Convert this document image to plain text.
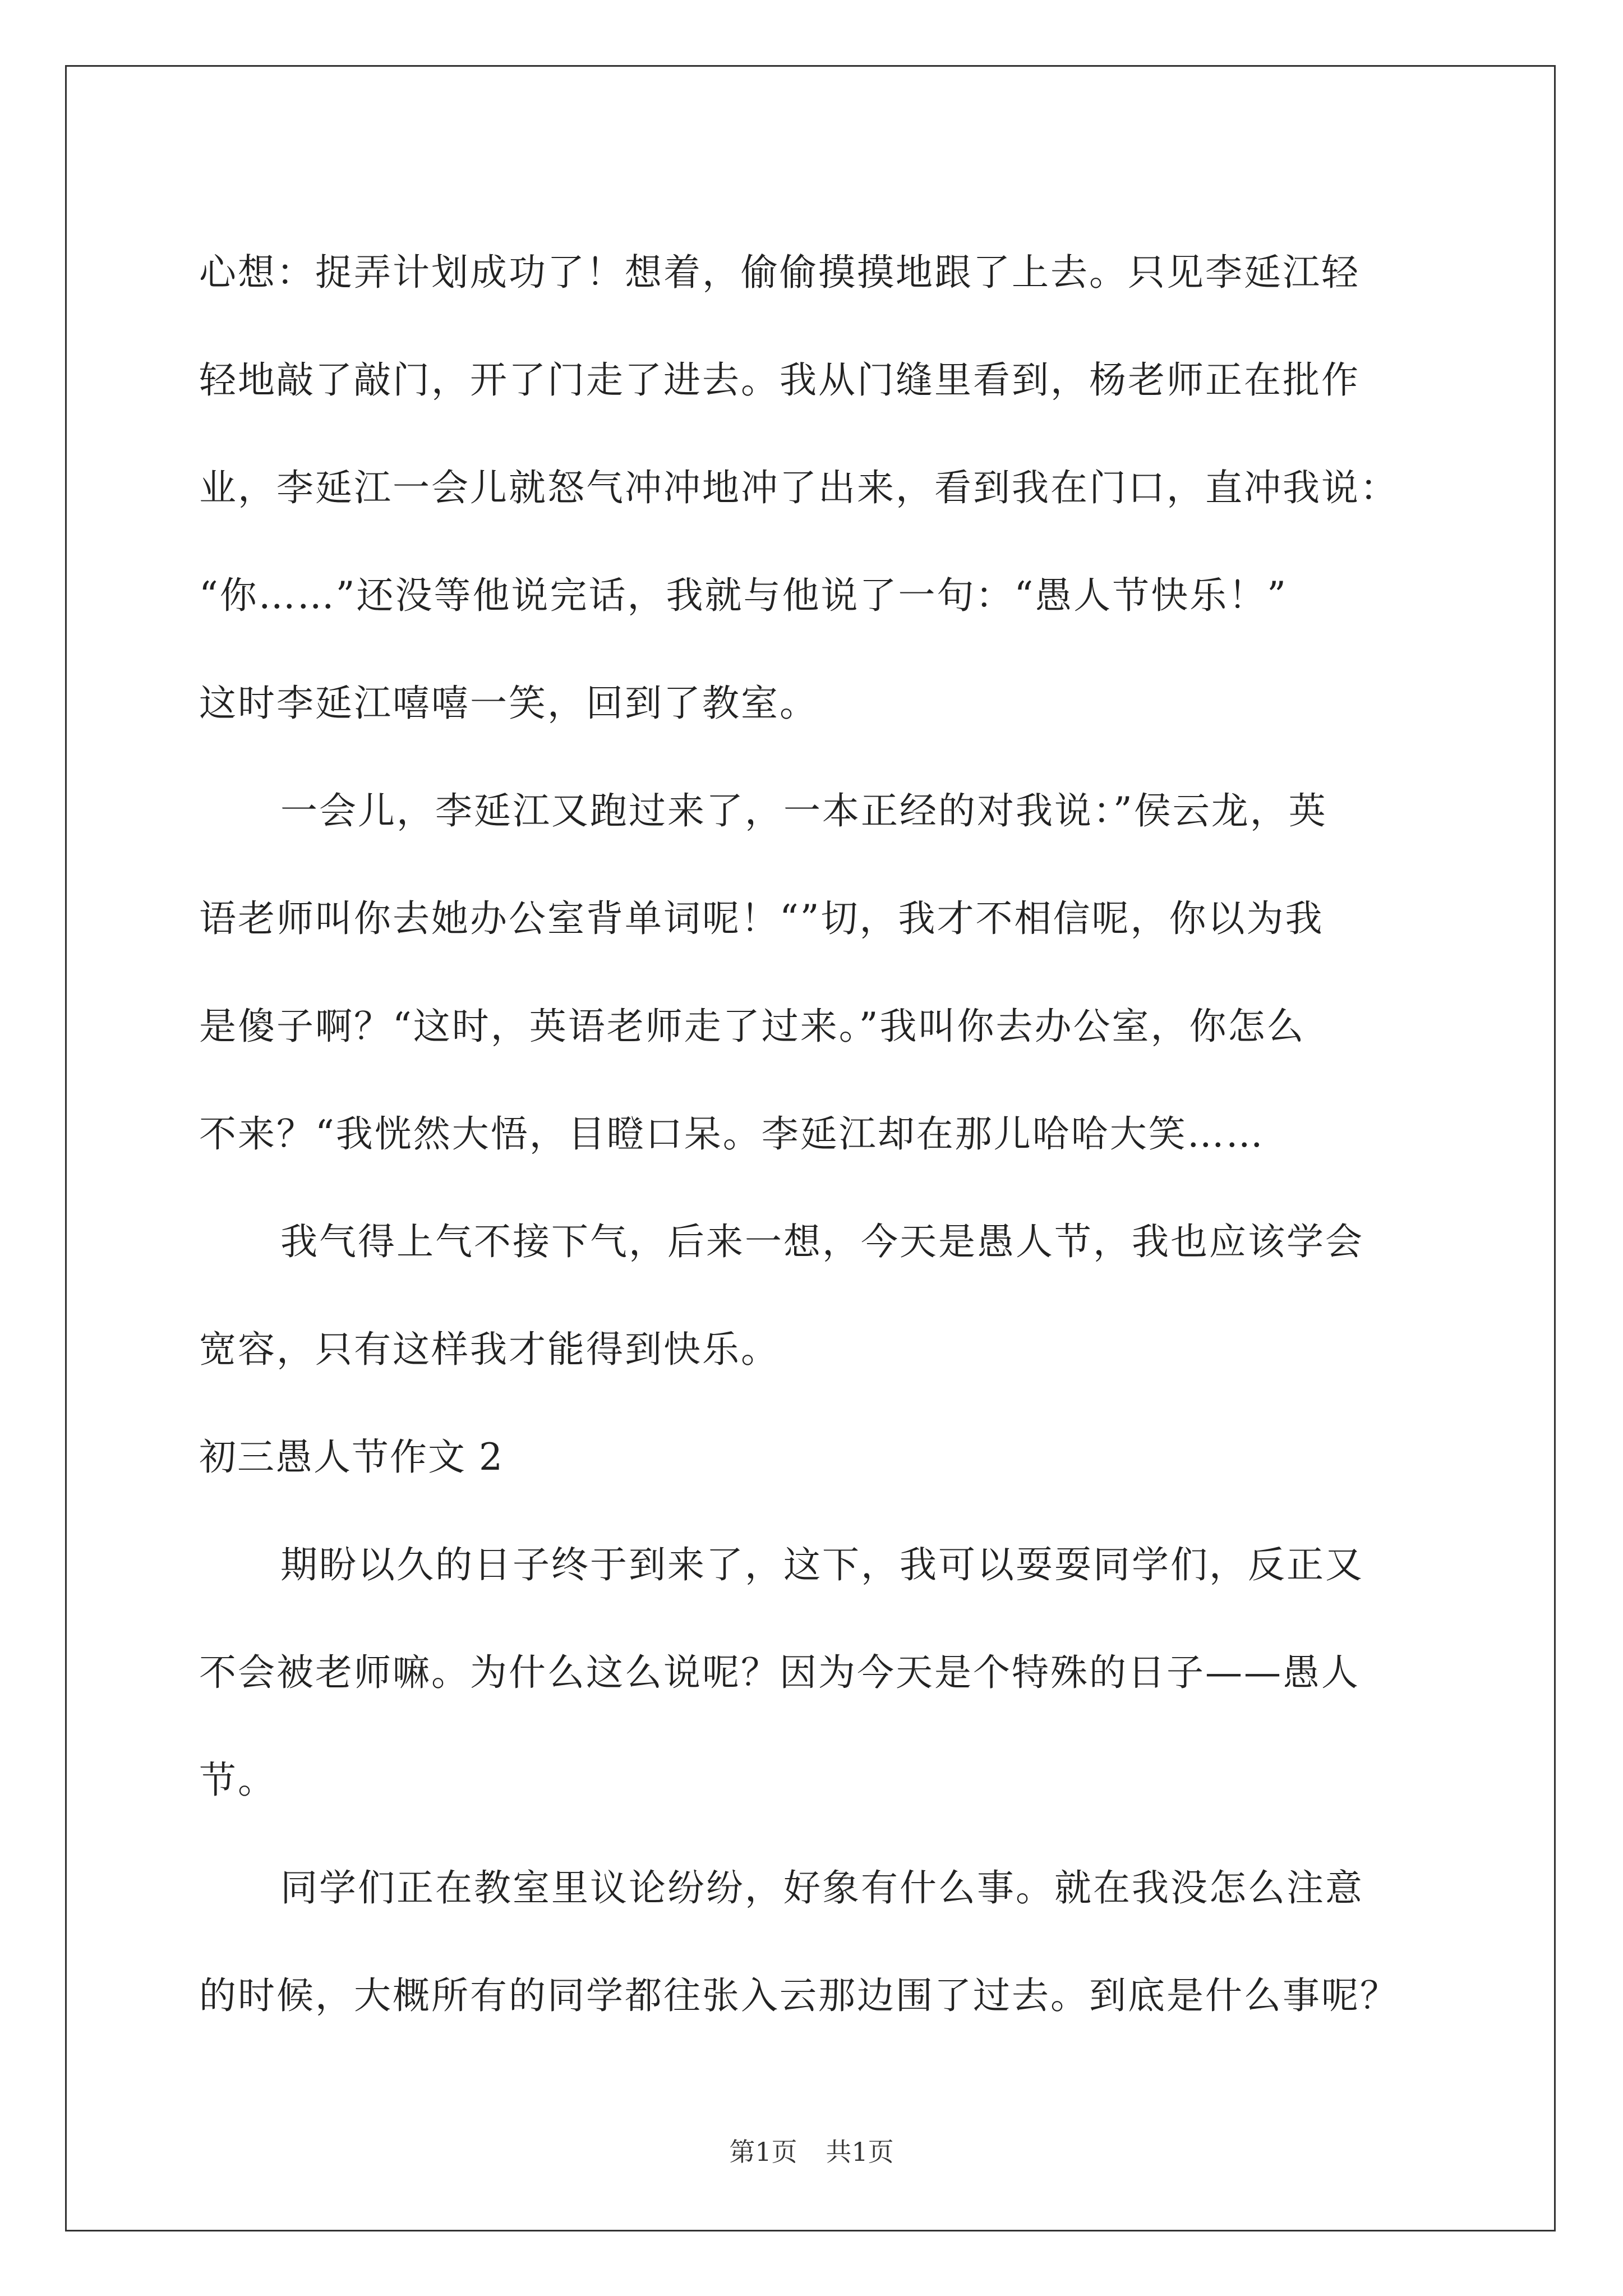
心想：捉弄计划成功了！想着，偷偷摸摸地跟了上去。只见李延江轻
轻地敲了敲门，开了门走了进去。我从门缝里看到，杨老师正在批作
业，李延江一会儿就怒气冲冲地冲了出来，看到我在门口，直冲我说：
“你……”还没等他说完话，我就与他说了一句：“愚人节快乐！”
这时李延江嘻嘻一笑，回到了教室。
一会儿，李延江又跑过来了，一本正经的对我说：”侯云龙，英
语老师叫你去她办公室背单词呢！“”切，我才不相信呢，你以为我
是傻子啊？“这时，英语老师走了过来。”我叫你去办公室，你怎么
不来？“我恍然大悟，目瞪口呆。李延江却在那儿哈哈大笑……
我气得上气不接下气，后来一想，今天是愚人节，我也应该学会
宽容，只有这样我才能得到快乐。
初三愚人节作文 2
期盼以久的日子终于到来了，这下，我可以耍耍同学们，反正又
不会被老师嘛。为什么这么说呢？因为今天是个特殊的日子——愚人
节。
同学们正在教室里议论纷纷，好象有什么事。就在我没怎么注意
的时候，大概所有的同学都往张入云那边围了过去。到底是什么事呢？
第1页 共1页
